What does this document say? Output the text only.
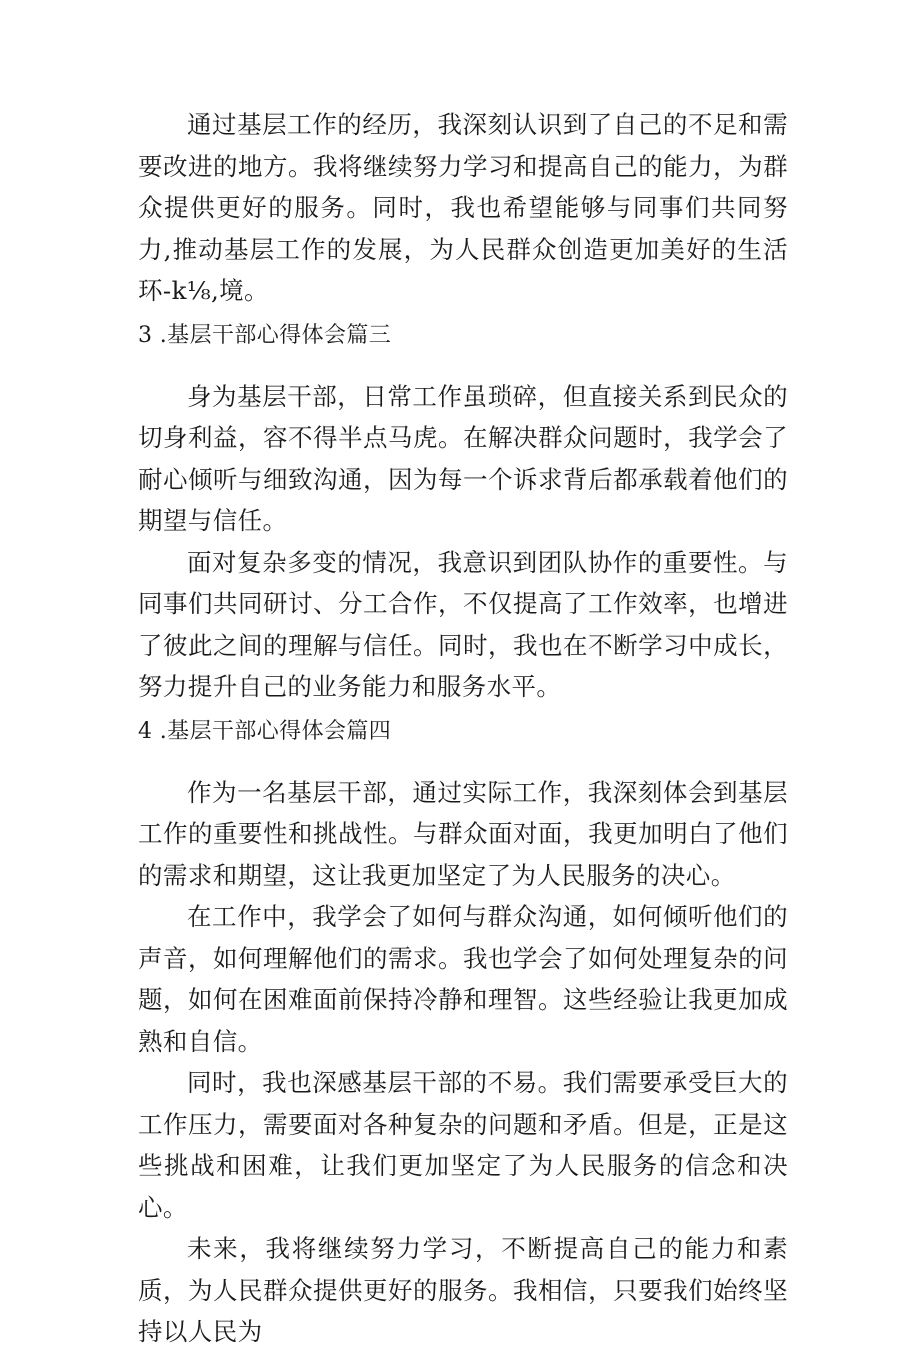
通过基层工作的经历，我深刻认识到了自己的不足和需要改进的地方。我将继续努力学习和提高自己的能力，为群众提供更好的服务。同时，我也希望能够与同事们共同努力,推动基层工作的发展，为人民群众创造更加美好的生活环-k⅛,境。

3 .基层干部心得体会篇三

身为基层干部，日常工作虽琐碎，但直接关系到民众的切身利益，容不得半点马虎。在解决群众问题时，我学会了耐心倾听与细致沟通，因为每一个诉求背后都承载着他们的期望与信任。

面对复杂多变的情况，我意识到团队协作的重要性。与同事们共同研讨、分工合作，不仅提高了工作效率，也增进了彼此之间的理解与信任。同时，我也在不断学习中成长，努力提升自己的业务能力和服务水平。

4 .基层干部心得体会篇四

作为一名基层干部，通过实际工作，我深刻体会到基层工作的重要性和挑战性。与群众面对面，我更加明白了他们的需求和期望，这让我更加坚定了为人民服务的决心。

在工作中，我学会了如何与群众沟通，如何倾听他们的声音，如何理解他们的需求。我也学会了如何处理复杂的问题，如何在困难面前保持冷静和理智。这些经验让我更加成熟和自信。

同时，我也深感基层干部的不易。我们需要承受巨大的工作压力，需要面对各种复杂的问题和矛盾。但是，正是这些挑战和困难，让我们更加坚定了为人民服务的信念和决心。

未来，我将继续努力学习，不断提高自己的能力和素质，为人民群众提供更好的服务。我相信，只要我们始终坚持以人民为
